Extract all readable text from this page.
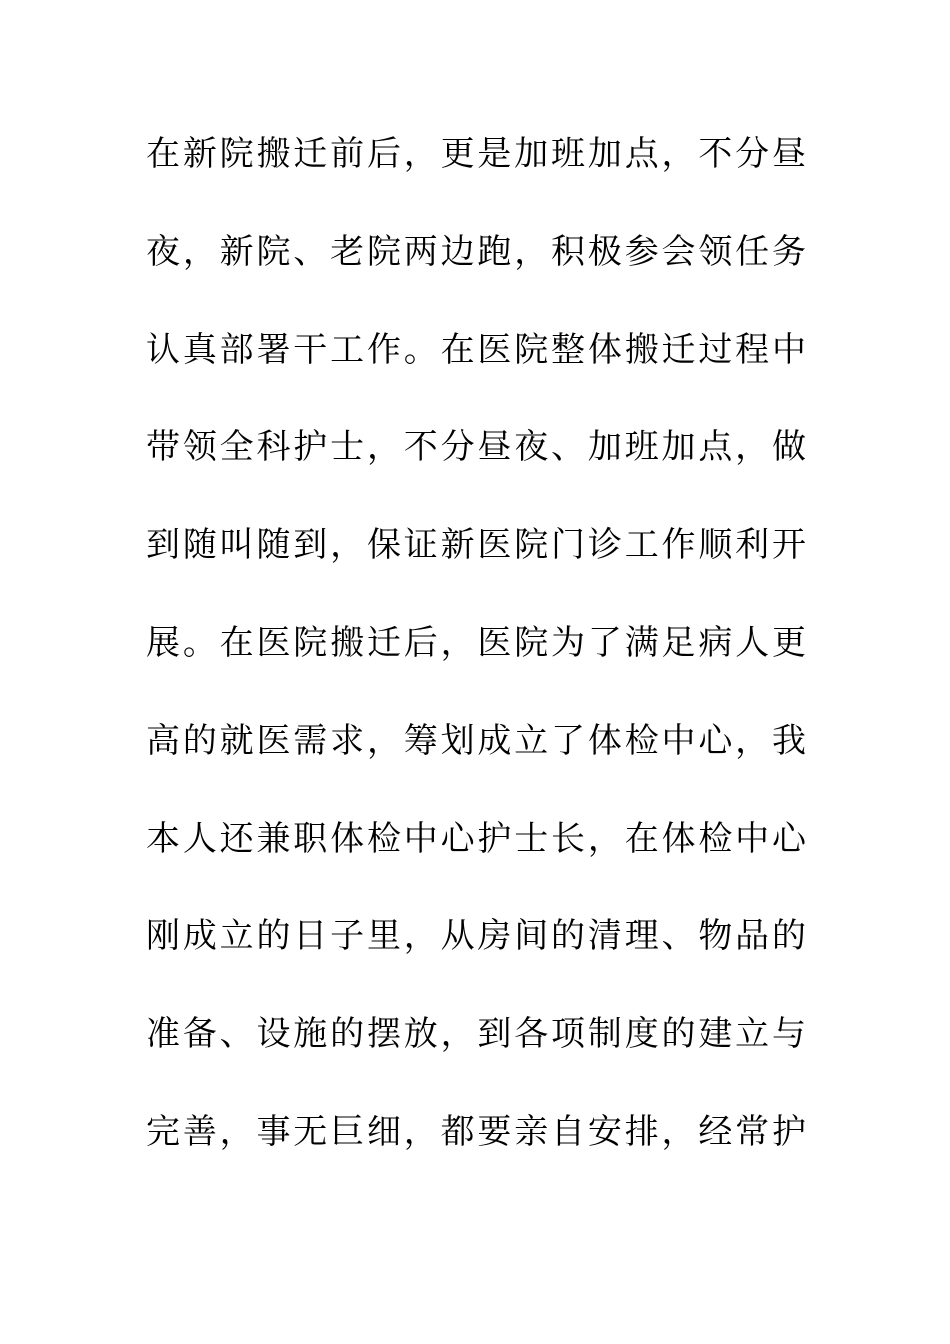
在新院搬迁前后，更是加班加点，不分昼
夜，新院、老院两边跑，积极参会领任务
认真部署干工作。在医院整体搬迁过程中
带领全科护士，不分昼夜、加班加点，做
到随叫随到，保证新医院门诊工作顺利开
展。在医院搬迁后，医院为了满足病人更
高的就医需求，筹划成立了体检中心，我
本人还兼职体检中心护士长，在体检中心
刚成立的日子里，从房间的清理、物品的
准备、设施的摆放，到各项制度的建立与
完善，事无巨细，都要亲自安排，经常护
